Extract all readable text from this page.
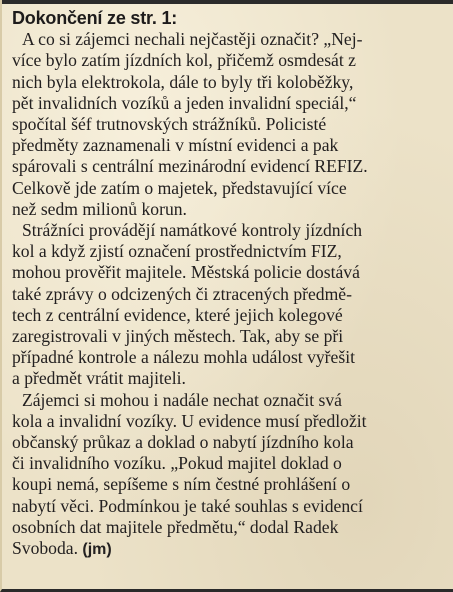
Dokončení ze str. 1:
A co si zájemci nechali nejčastěji označit? „Nej-
více bylo zatím jízdních kol, přičemž osmdesát z
nich byla elektrokola, dále to byly tři koloběžky,
pět invalidních vozíků a jeden invalidní speciál,“
spočítal šéf trutnovských strážníků. Policisté
předměty zaznamenali v místní evidenci a pak
spárovali s centrální mezinárodní evidencí REFIZ.
Celkově jde zatím o majetek, představující více
než sedm milionů korun.
Strážníci provádějí namátkové kontroly jízdních
kol a když zjistí označení prostřednictvím FIZ,
mohou prověřit majitele. Městská policie dostává
také zprávy o odcizených či ztracených předmě-
tech z centrální evidence, které jejich kolegové
zaregistrovali v jiných městech. Tak, aby se při
případné kontrole a nálezu mohla událost vyřešit
a předmět vrátit majiteli.
Zájemci si mohou i nadále nechat označit svá
kola a invalidní vozíky. U evidence musí předložit
občanský průkaz a doklad o nabytí jízdního kola
či invalidního vozíku. „Pokud majitel doklad o
koupi nemá, sepíšeme s ním čestné prohlášení o
nabytí věci. Podmínkou je také souhlas s evidencí
osobních dat majitele předmětu,“ dodal Radek
Svoboda. (jm)
